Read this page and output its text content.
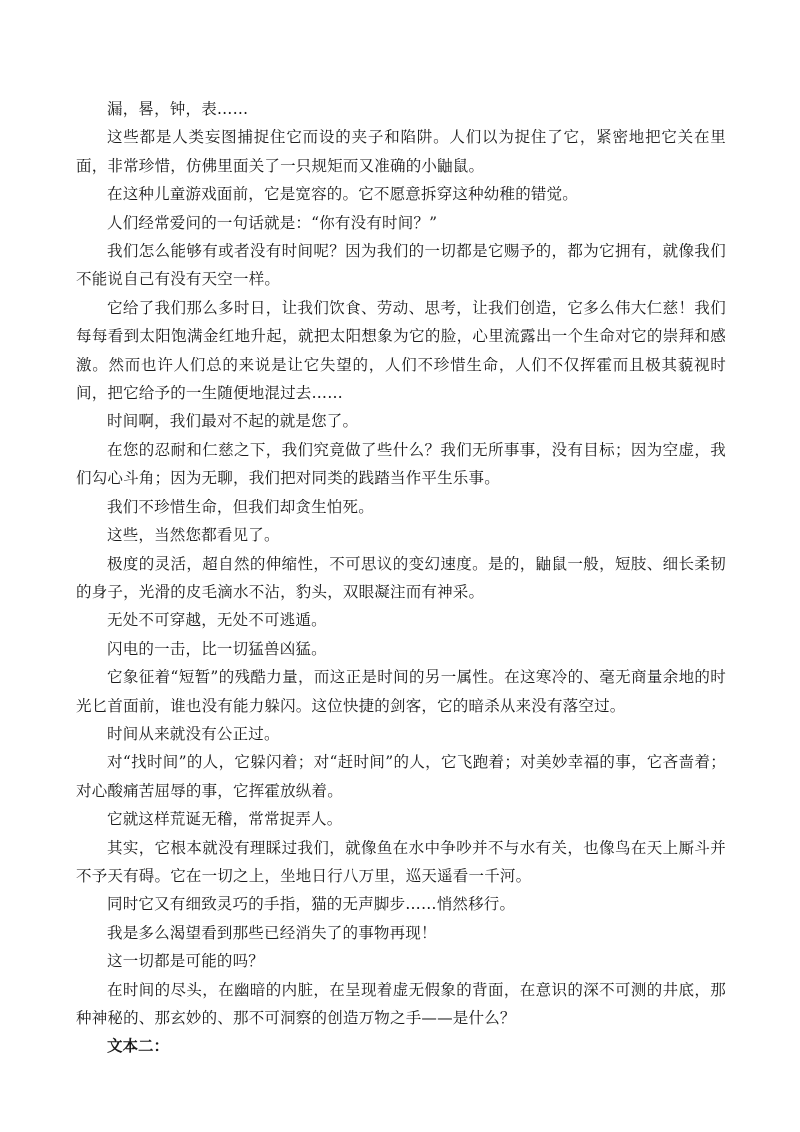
漏，晷，钟，表……

这些都是人类妄图捕捉住它而设的夹子和陷阱。人们以为捉住了它，紧密地把它关在里面，非常珍惜，仿佛里面关了一只规矩而又准确的小鼬鼠。

在这种儿童游戏面前，它是宽容的。它不愿意拆穿这种幼稚的错觉。

人们经常爱问的一句话就是：“你有没有时间？”

我们怎么能够有或者没有时间呢？因为我们的一切都是它赐予的，都为它拥有，就像我们不能说自己有没有天空一样。

它给了我们那么多时日，让我们饮食、劳动、思考，让我们创造，它多么伟大仁慈！我们每每看到太阳饱满金红地升起，就把太阳想象为它的脸，心里流露出一个生命对它的崇拜和感激。然而也许人们总的来说是让它失望的，人们不珍惜生命，人们不仅挥霍而且极其藐视时间，把它给予的一生随便地混过去……

时间啊，我们最对不起的就是您了。

在您的忍耐和仁慈之下，我们究竟做了些什么？我们无所事事，没有目标；因为空虚，我们勾心斗角；因为无聊，我们把对同类的践踏当作平生乐事。

我们不珍惜生命，但我们却贪生怕死。

这些，当然您都看见了。

极度的灵活，超自然的伸缩性，不可思议的变幻速度。是的，鼬鼠一般，短肢、细长柔韧的身子，光滑的皮毛滴水不沾，豹头，双眼凝注而有神采。

无处不可穿越，无处不可逃遁。

闪电的一击，比一切猛兽凶猛。

它象征着“短暂”的残酷力量，而这正是时间的另一属性。在这寒冷的、毫无商量余地的时光匕首面前，谁也没有能力躲闪。这位快捷的剑客，它的暗杀从来没有落空过。

时间从来就没有公正过。

对“找时间”的人，它躲闪着；对“赶时间”的人，它飞跑着；对美妙幸福的事，它吝啬着；对心酸痛苦屈辱的事，它挥霍放纵着。

它就这样荒诞无稽，常常捉弄人。

其实，它根本就没有理睬过我们，就像鱼在水中争吵并不与水有关，也像鸟在天上厮斗并不予天有碍。它在一切之上，坐地日行八万里，巡天遥看一千河。

同时它又有细致灵巧的手指，猫的无声脚步……悄然移行。

我是多么渴望看到那些已经消失了的事物再现！

这一切都是可能的吗？

在时间的尽头，在幽暗的内脏，在呈现着虚无假象的背面，在意识的深不可测的井底，那种神秘的、那玄妙的、那不可洞察的创造万物之手——是什么？

文本二：
